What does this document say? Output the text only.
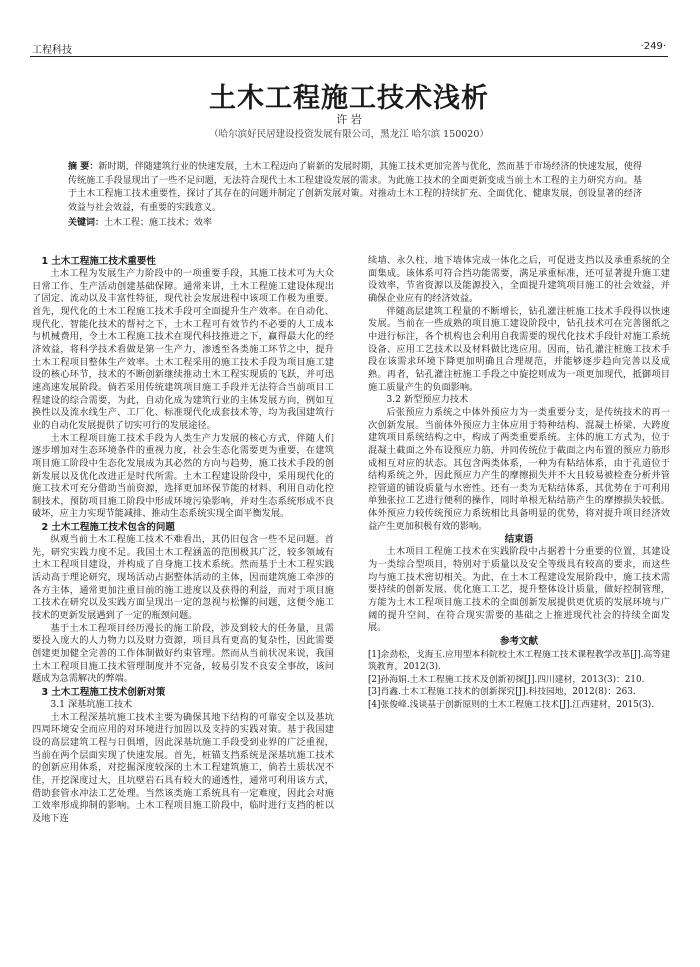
工程科技	·249·
土木工程施工技术浅析
许 岩
（哈尔滨好民居建设投资发展有限公司，黑龙江 哈尔滨 150020）
摘 要：新时期，伴随建筑行业的快速发展，土木工程迈向了崭新的发展时期，其施工技术更加完善与优化，然而基于市场经济的快速发展，使得传统施工手段显现出了一些不足问题，无法符合现代土木工程建设发展的需求。为此施工技术的全面更新变成当前土木工程的主力研究方向。基于土木工程施工技术重要性，探讨了其存在的问题并制定了创新发展对策。对推动土木工程的持续扩充、全面优化、健康发展，创设显著的经济效益与社会效益，有重要的实践意义。
关键词：土木工程；施工技术；效率
1 土木工程施工技术重要性

土木工程为发展生产力阶段中的一项重要手段，其施工技术可为大众日常工作、生产活动创建基础保障。通常来讲，土木工程施工建设体现出了固定、流动以及丰富性特征，现代社会发展进程中该项工作极为重要。首先，现代化的土木工程施工技术手段可全面提升生产效率。在自动化、现代化、智能化技术的帮衬之下，土木工程可有效节约不必要的人工成本与机械费用，令土木工程施工技术在现代科技推进之下，赢得最大化的经济效益，将科学技术看做是第一生产力，渗透至各类施工环节之中，提升土木工程项目整体生产效率。土木工程采用的施工技术手段为项目施工建设的核心环节，技术的不断创新继续推动土木工程实现质的飞跃，并可迅速高速发展阶段。倘若采用传统建筑项目施工手段并无法符合当前项目工程建设的综合需要，为此，自动化成为建筑行业的主体发展方向，例如互换性以及流水线生产、工厂化、标准现代化成套技术等，均为我国建筑行业的自动化发展提供了切实可行的发展途径。

土木工程项目施工技术手段为人类生产力发展的核心方式，伴随人们逐步增加对生态环境条件的重视力度，社会生态化需要更为重要，在建筑项目施工阶段中生态化发展成为其必然的方向与趋势，施工技术手段的创新发展以及优化改进正是时代所需。土木工程建设阶段中，采用现代化的施工技术可充分借助当前资源，选择更加环保节能的材料、利用自动化控制技术，预防项目施工阶段中形成环境污染影响，并对生态系统形成不良破坏，应主力实现节能减排、推动生态系统实现全面平衡发展。

2 土木工程施工技术包含的问题

纵观当前土木工程施工技术不难看出，其仍旧包含一些不足问题。首先，研究实践力度不足。我国土木工程涵盖的范围极其广泛，较多领域有土木工程项目建设，并构成了自身施工技术系统。然而基于土木工程实践活动高于理论研究，现场活动占据整体活动的主体，因而建筑施工牵涉的各方主体，通常更加注重目前的施工进度以及获得的利益，而对于项目施工技术在研究以及实践方面呈现出一定的忽视与松懈的问题，这便令施工技术的更新发展遇到了一定的瓶颈问题。

基于土木工程项目经历漫长的施工阶段，涉及到较大的任务量，且需要投入庞大的人力物力以及财力资源，项目具有更高的复杂性，因此需要创建更加健全完善的工作体制做好约束管理。然而从当前状况来说，我国土木工程项目施工技术管理制度并不完备，较易引发不良安全事故，该问题成为急需解决的弊端。

3 土木工程施工技术创新对策
3.1 深基坑施工技术

土木工程深基坑施工技术主要为确保其地下结构的可靠安全以及基坑四周环境安全而应用的对环境进行加固以及支持的实践对策。基于我国建设的高层建筑工程与日俱增，因此深基坑施工手段受到业界的广泛重视，当前在两个层面实现了快速发展。首先，桩锚支挡系统是深基坑施工技术的创新应用体系，对挖掘深度较深的土木工程建筑施工，倘若土质状况不佳，开挖深度过大，且坑壁岩石具有较大的通透性，通常可利用该方式，借助套管水冲法工艺处理。当然该类施工系统具有一定难度，因此会对施工效率形成抑制的影响。土木工程项目施工阶段中，临时进行支挡的桩以及地下连

续墙、永久柱、地下墙体完成一体化之后，可促进支挡以及承重系统的全面集成。该体系可符合挡功能需要，满足承重标准，还可显著提升施工建设效率，节省资源以及能源投入，全面提升建筑项目施工的社会效益，并确保企业应有的经济效益。

伴随高层建筑工程量的不断增长，钻孔灌注桩施工技术手段得以快速发展。当前在一些成熟的项目施工建设阶段中，钻孔技术可在完善图纸之中进行标注，各个机构也会利用自我需要的现代化技术手段针对施工系统设备、应用工艺技术以及材料做比选应用。因而，钻孔灌注桩施工技术手段在该需求环境下降更加明确且合理规范，并能够逐步趋向完善以及成熟。再者，钻孔灌注桩施工手段之中旋挖则成为一项更加现代，抵御项目施工质量产生的负面影响。

3.2 新型预应力技术

后张预应力系统之中体外预应力为一类重要分支，是传统技术的再一次创新发展。当前体外预应力主体应用于特种结构、混凝土桥梁、大跨度建筑项目系统结构之中，构成了两类重要系统。主体的施工方式为，位于混凝土截面之外布设预应力筋，并同传统位于截面之内布置的预应力筋形成相互对应的状态。其包含两类体系，一种为有粘结体系，由于孔道位于结构系统之外，因此预应力产生的摩擦损失并不大且较易被检查分析并管控管道的铺设质量与水密性。还有一类为无粘结体系，其优势在于可利用单独张拉工艺进行便利的操作，同时单根无粘结筋产生的摩擦损失较低。体外预应力较传统预应力系统相比具备明显的优势，将对提升项目经济效益产生更加积极有效的影响。

结束语

土木项目工程施工技术在实践阶段中占据着十分重要的位置，其建设为一类综合型项目，特别对于质量以及安全等级具有较高的要求，而这些均与施工技术密切相关。为此，在土木工程建设发展阶段中，施工技术需要持续的创新发展、优化施工工艺，提升整体设计质量，做好控制管理，方能为土木工程项目施工技术的全面创新发展提供更优质的发展环境与广阔的提升空间，在符合现实需要的基础之上推进现代社会的持续全面发展。

参考文献

[1]余劲松，戈海玉.应用型本科院校土木工程施工技术课程教学改革[J].高等建筑教育，2012(3).

[2]孙海娟.土木工程施工技术及创新初探[J].四川建材，2013(3)：210.

[3]肖鑫.土木工程施工技术的创新探究[J].科技园地，2012(8)：263.

[4]张俊峰.浅谈基于创新原则的土木工程施工技术[J].江西建材，2015(3).
